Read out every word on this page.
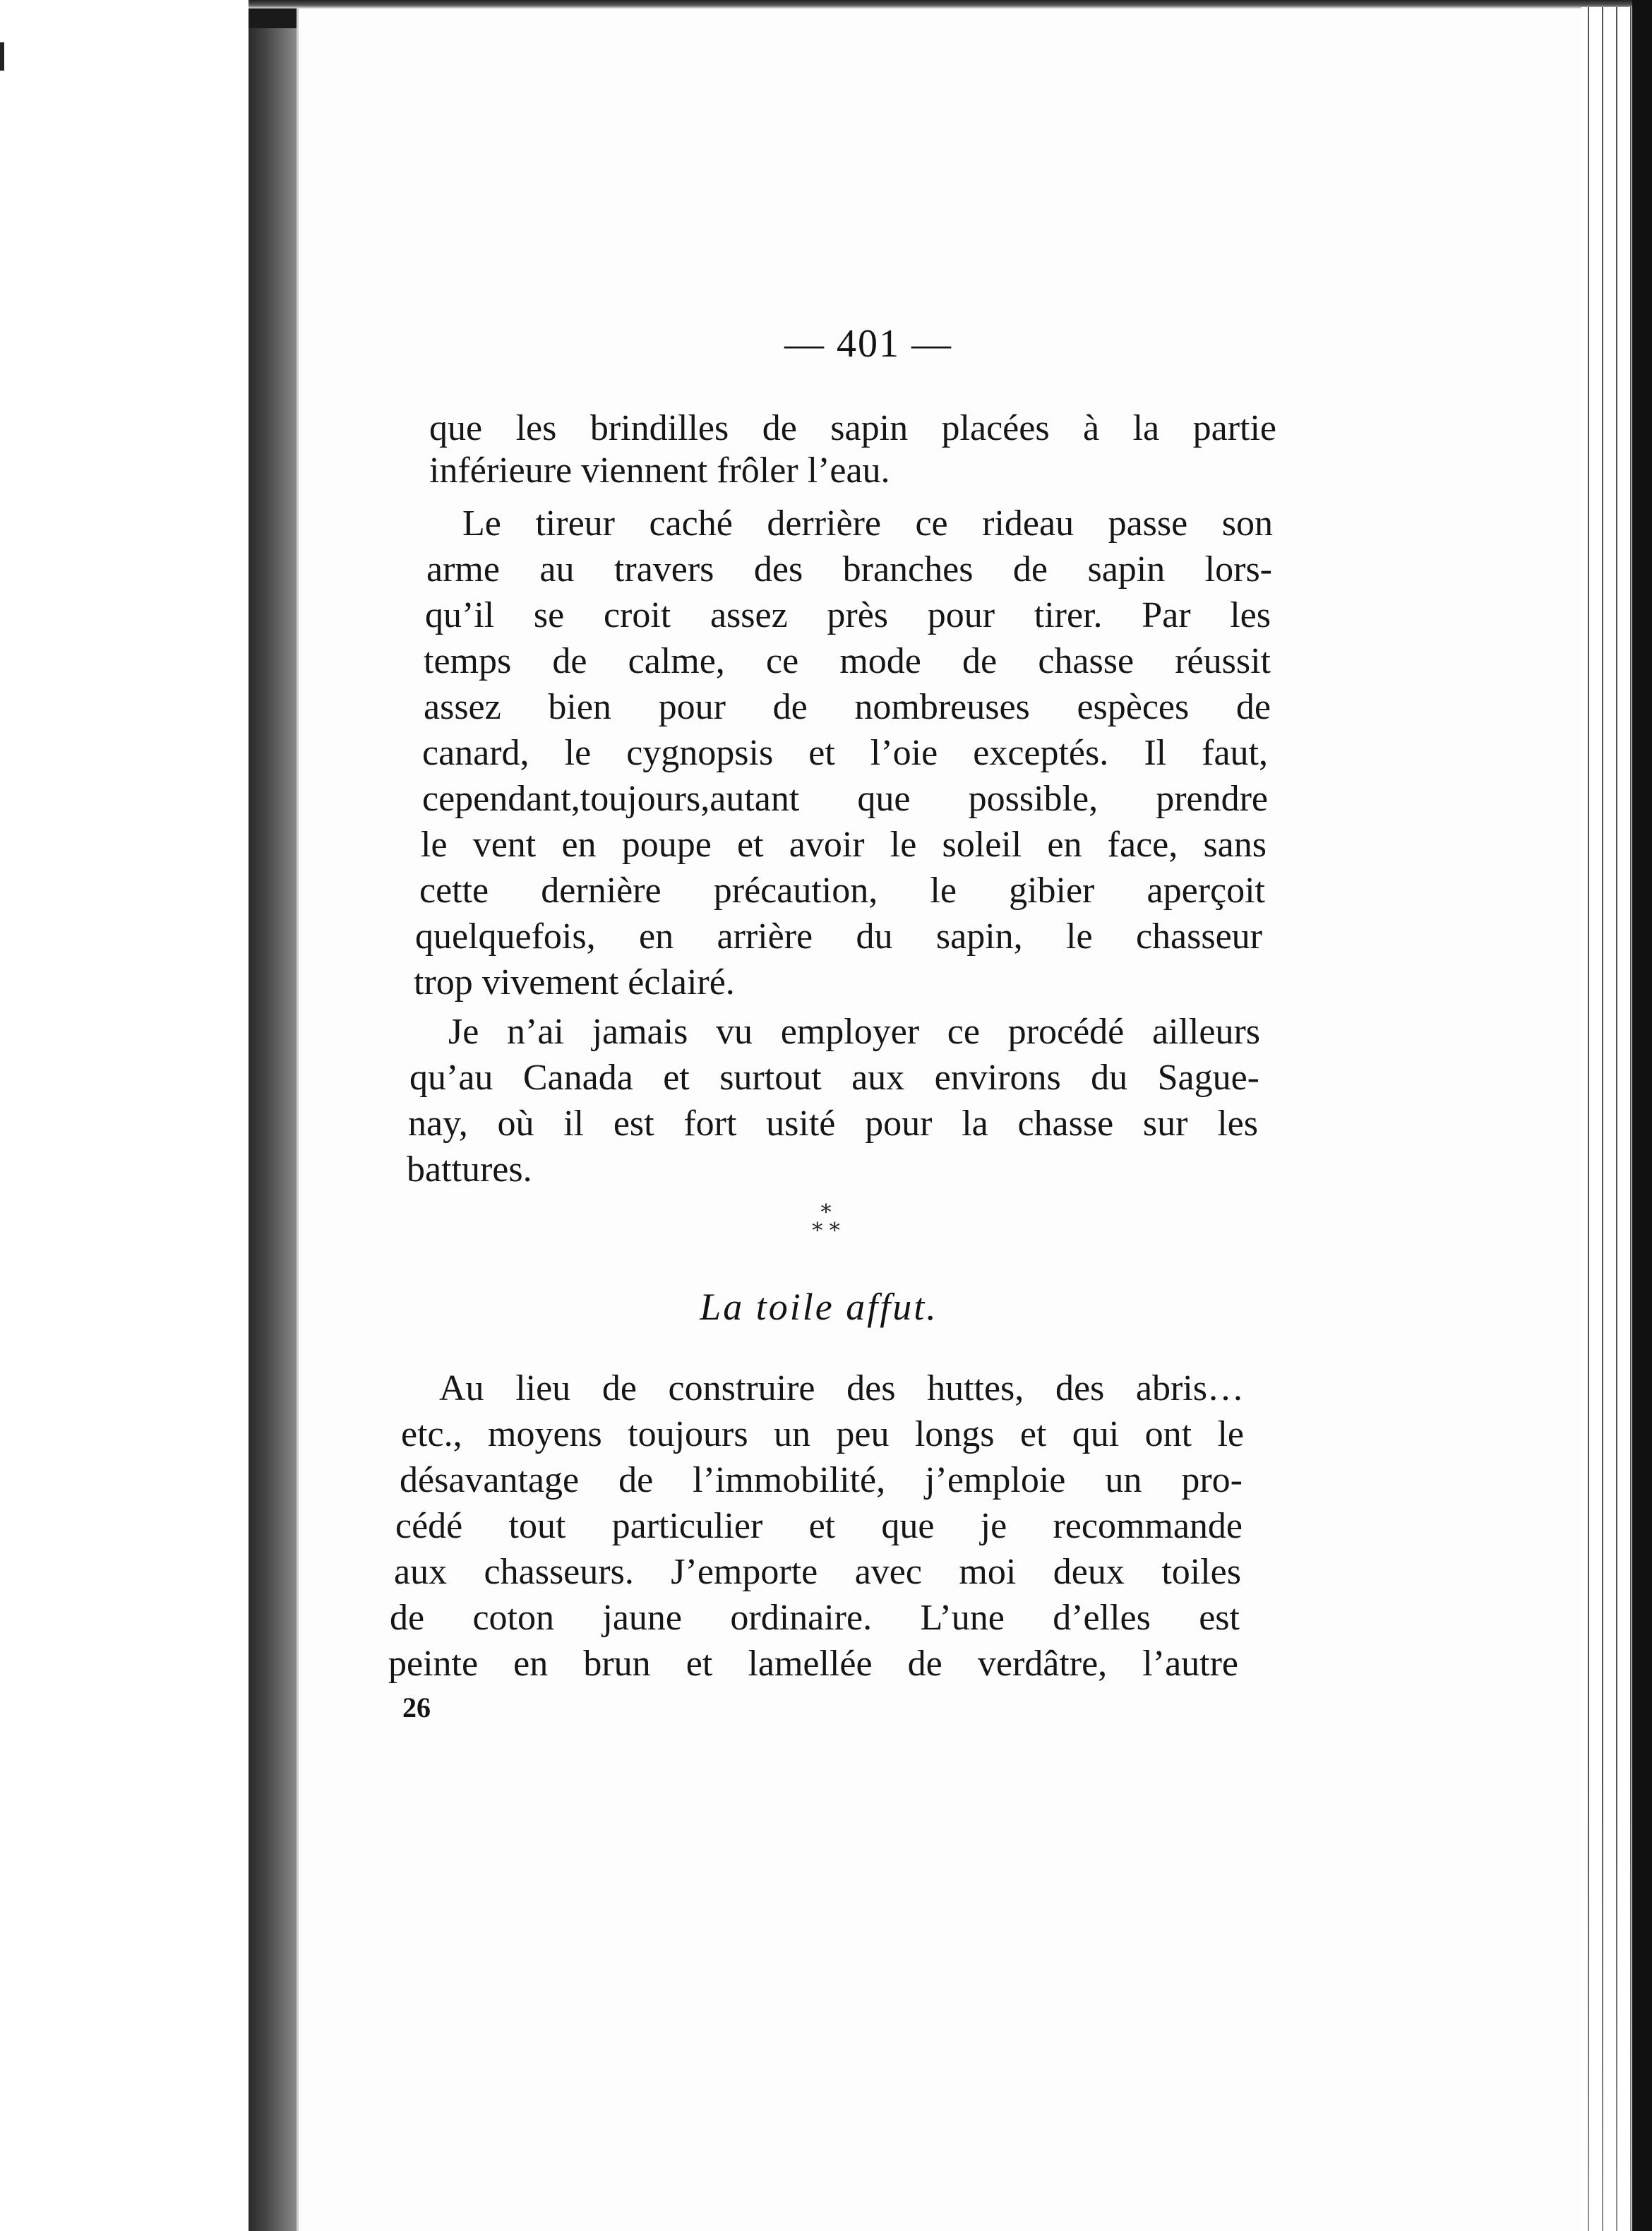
— 401 —
que les brindilles de sapin placées à la partie
inférieure viennent frôler l’eau.
Le tireur caché derrière ce rideau passe son
arme au travers des branches de sapin lors-
qu’il se croit assez près pour tirer. Par les
temps de calme, ce mode de chasse réussit
assez bien pour de nombreuses espèces de
canard, le cygnopsis et l’oie exceptés. Il faut,
cependant,toujours,autant que possible, prendre
le vent en poupe et avoir le soleil en face, sans
cette dernière précaution, le gibier aperçoit
quelquefois, en arrière du sapin, le chasseur
trop vivement éclairé.
Je n’ai jamais vu employer ce procédé ailleurs
qu’au Canada et surtout aux environs du Sague-
nay, où il est fort usité pour la chasse sur les
battures.
*
* *
La toile affut.
Au lieu de construire des huttes, des abris…
etc., moyens toujours un peu longs et qui ont le
désavantage de l’immobilité, j’emploie un pro-
cédé tout particulier et que je recommande
aux chasseurs. J’emporte avec moi deux toiles
de coton jaune ordinaire. L’une d’elles est
peinte en brun et lamellée de verdâtre, l’autre
26
